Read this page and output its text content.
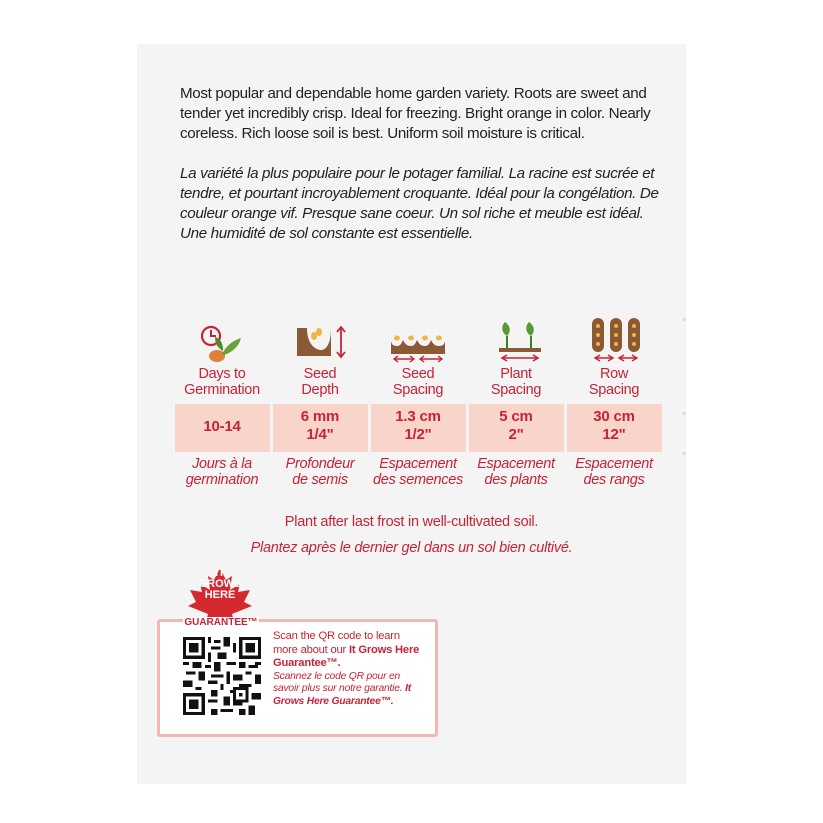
Most popular and dependable home garden variety. Roots are sweet and tender yet incredibly crisp. Ideal for freezing. Bright orange in color. Nearly coreless. Rich loose soil is best. Uniform soil moisture is critical.

La variété la plus populaire pour le potager familial. La racine est sucrée et tendre, et pourtant incroyablement croquante. Idéal pour la congélation. De couleur orange vif. Presque sane coeur. Un sol riche et meuble est idéal. Une humidité de sol constante est essentielle.

Days to
Germination
Seed
Depth
Seed
Spacing
Plant
Spacing
Row
Spacing
10-14
6 mm
1/4"
1.3 cm
1/2"
5 cm
2"
30 cm
12"
Jours à la
germination
Profondeur
de semis
Espacement
des semences
Espacement
des plants
Espacement
des rangs
Plant after last frost in well-cultivated soil.
Plantez après le dernier gel dans un sol bien cultivé.
IT
GROWS
HERE
GUARANTEE™
Scan the QR code to learn more about our It Grows Here Guarantee™.
Scannez le code QR pour en savoir plus sur notre garantie. It Grows Here Guarantee™.
